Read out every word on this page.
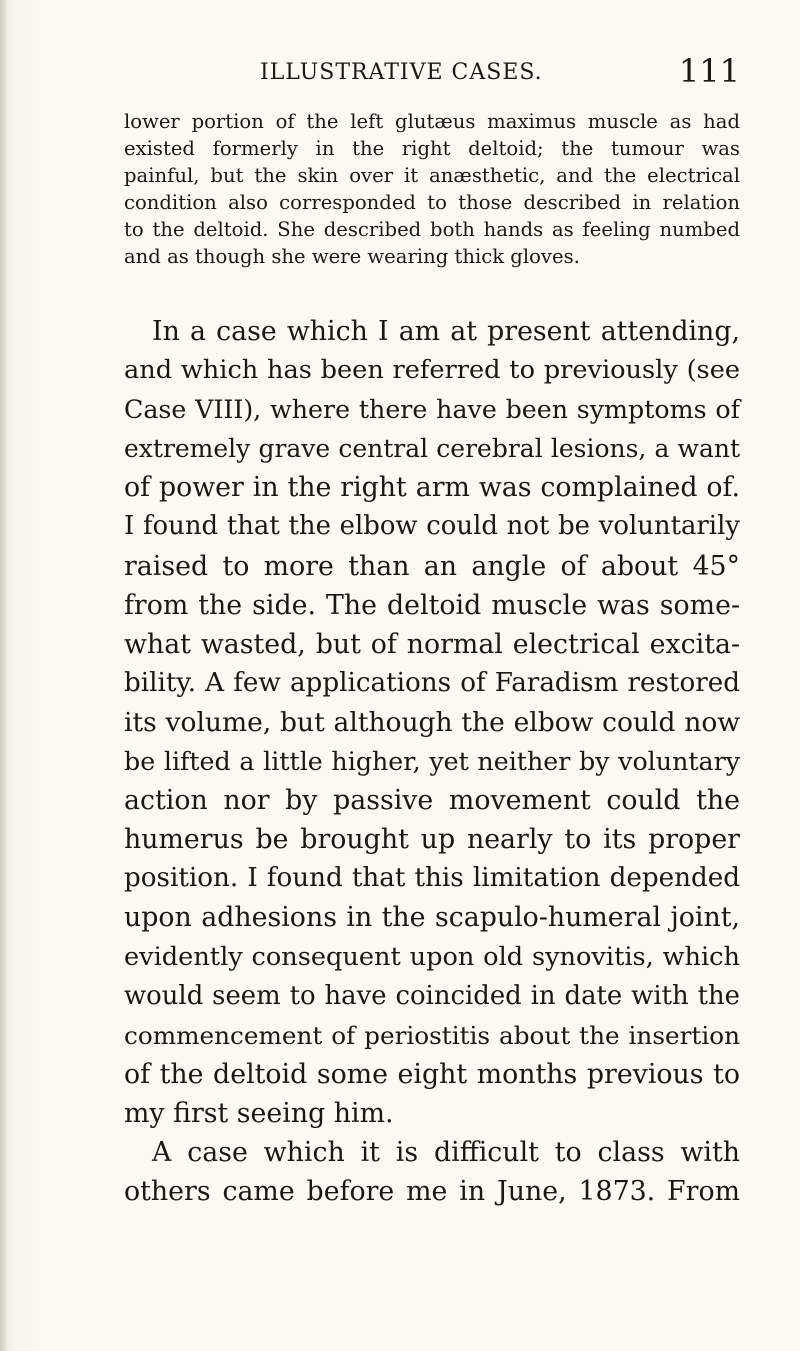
ILLUSTRATIVE CASES.	111
lower portion of the left glutæus maximus muscle as had
existed formerly in the right deltoid; the tumour was
painful, but the skin over it anæsthetic, and the electrical
condition also corresponded to those described in relation
to the deltoid. She described both hands as feeling numbed
and as though she were wearing thick gloves.
In a case which I am at present attending,
and which has been referred to previously (see
Case VIII), where there have been symptoms of
extremely grave central cerebral lesions, a want
of power in the right arm was complained of.
I found that the elbow could not be voluntarily
raised to more than an angle of about 45°
from the side. The deltoid muscle was some-
what wasted, but of normal electrical excita-
bility. A few applications of Faradism restored
its volume, but although the elbow could now
be lifted a little higher, yet neither by voluntary
action nor by passive movement could the
humerus be brought up nearly to its proper
position. I found that this limitation depended
upon adhesions in the scapulo-humeral joint,
evidently consequent upon old synovitis, which
would seem to have coincided in date with the
commencement of periostitis about the insertion
of the deltoid some eight months previous to
my first seeing him.
A case which it is difficult to class with
others came before me in June, 1873. From
